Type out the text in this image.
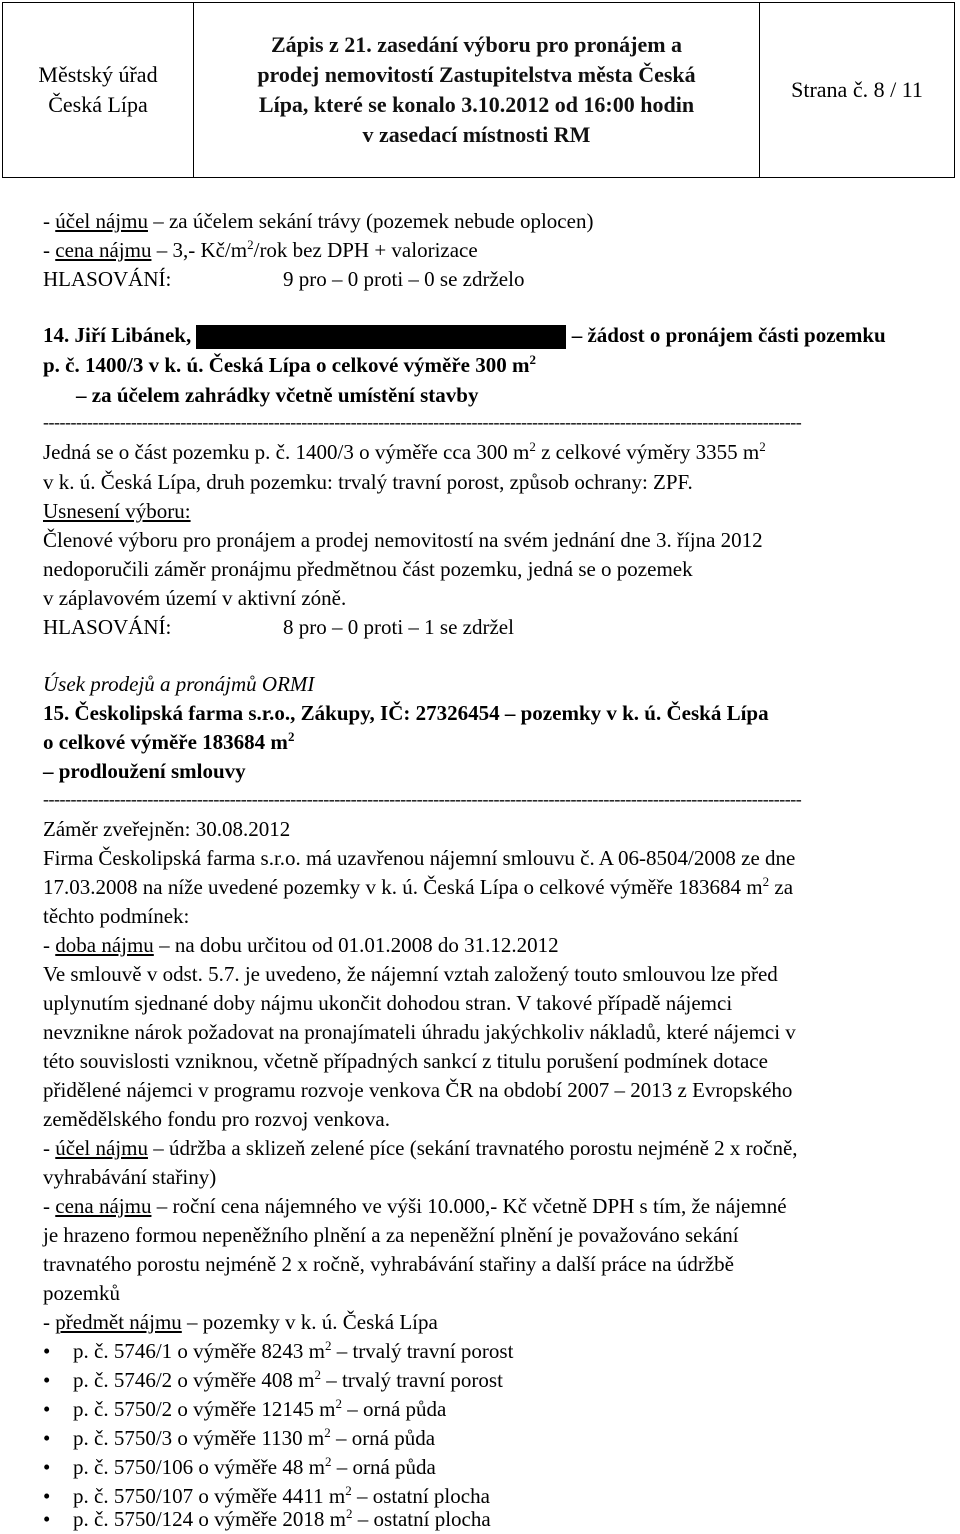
Městský úřad
Česká Lípa
Zápis z 21. zasedání výboru pro pronájem a
prodej nemovitostí Zastupitelstva města Česká
Lípa, které se konalo 3.10.2012 od 16:00 hodin
v zasedací místnosti RM
Strana č. 8 / 11
- účel nájmu – za účelem sekání trávy (pozemek nebude oplocen)
- cena nájmu – 3,- $Kč/m^2$/rok bez DPH + valorizace
HLASOVÁNÍ:	9 pro – 0 proti – 0 se zdrželo
14. Jiří Libánek,	– žádost o pronájem části pozemku
p. č. 1400/3 v k. ú. Česká Lípa o celkové výměře 300 $m^2$
– za účelem zahrádky včetně umístění stavby
------------------------------------------------------------------------------------------------------------------------------------------
Jedná se o část pozemku p. č. 1400/3 o výměře cca 300 $m^2$ z celkové výměry 3355 $m^2$
v k. ú. Česká Lípa, druh pozemku: trvalý travní porost, způsob ochrany: ZPF.
Usnesení výboru:
Členové výboru pro pronájem a prodej nemovitostí na svém jednání dne 3. října 2012
nedoporučili záměr pronájmu předmětnou část pozemku, jedná se o pozemek
v záplavovém území v aktivní zóně.
HLASOVÁNÍ:	8 pro – 0 proti – 1 se zdržel
Úsek prodejů a pronájmů ORMI
15. Českolipská farma s.r.o., Zákupy, IČ: 27326454 – pozemky v k. ú. Česká Lípa
o celkové výměře 183684 $m^2$
– prodloužení smlouvy
------------------------------------------------------------------------------------------------------------------------------------------
Záměr zveřejněn: 30.08.2012
Firma Českolipská farma s.r.o. má uzavřenou nájemní smlouvu č. A 06-8504/2008 ze dne
17.03.2008 na níže uvedené pozemky v k. ú. Česká Lípa o celkové výměře 183684 $m^2$ za
těchto podmínek:
- doba nájmu – na dobu určitou od 01.01.2008 do 31.12.2012
Ve smlouvě v odst. 5.7. je uvedeno, že nájemní vztah založený touto smlouvou lze před
uplynutím sjednané doby nájmu ukončit dohodou stran. V takové případě nájemci
nevznikne nárok požadovat na pronajímateli úhradu jakýchkoliv nákladů, které nájemci v
této souvislosti vzniknou, včetně případných sankcí z titulu porušení podmínek dotace
přidělené nájemci v programu rozvoje venkova ČR na období 2007 – 2013 z Evropského
zemědělského fondu pro rozvoj venkova.
- účel nájmu – údržba a sklizeň zelené píce (sekání travnatého porostu nejméně 2 x ročně,
vyhrabávání stařiny)
- cena nájmu – roční cena nájemného ve výši 10.000,- Kč včetně DPH s tím, že nájemné
je hrazeno formou nepeněžního plnění a za nepeněžní plnění je považováno sekání
travnatého porostu nejméně 2 x ročně, vyhrabávání stařiny a další práce na údržbě
pozemků
- předmět nájmu – pozemky v k. ú. Česká Lípa
• p. č. 5746/1 o výměře 8243 $m^2$ – trvalý travní porost
• p. č. 5746/2 o výměře 408 $m^2$ – trvalý travní porost
• p. č. 5750/2 o výměře 12145 $m^2$ – orná půda
• p. č. 5750/3 o výměře 1130 $m^2$ – orná půda
• p. č. 5750/106 o výměře 48 $m^2$ – orná půda
• p. č. 5750/107 o výměře 4411 $m^2$ – ostatní plocha
• p. č. 5750/124 o výměře 2018 $m^2$ – ostatní plocha
